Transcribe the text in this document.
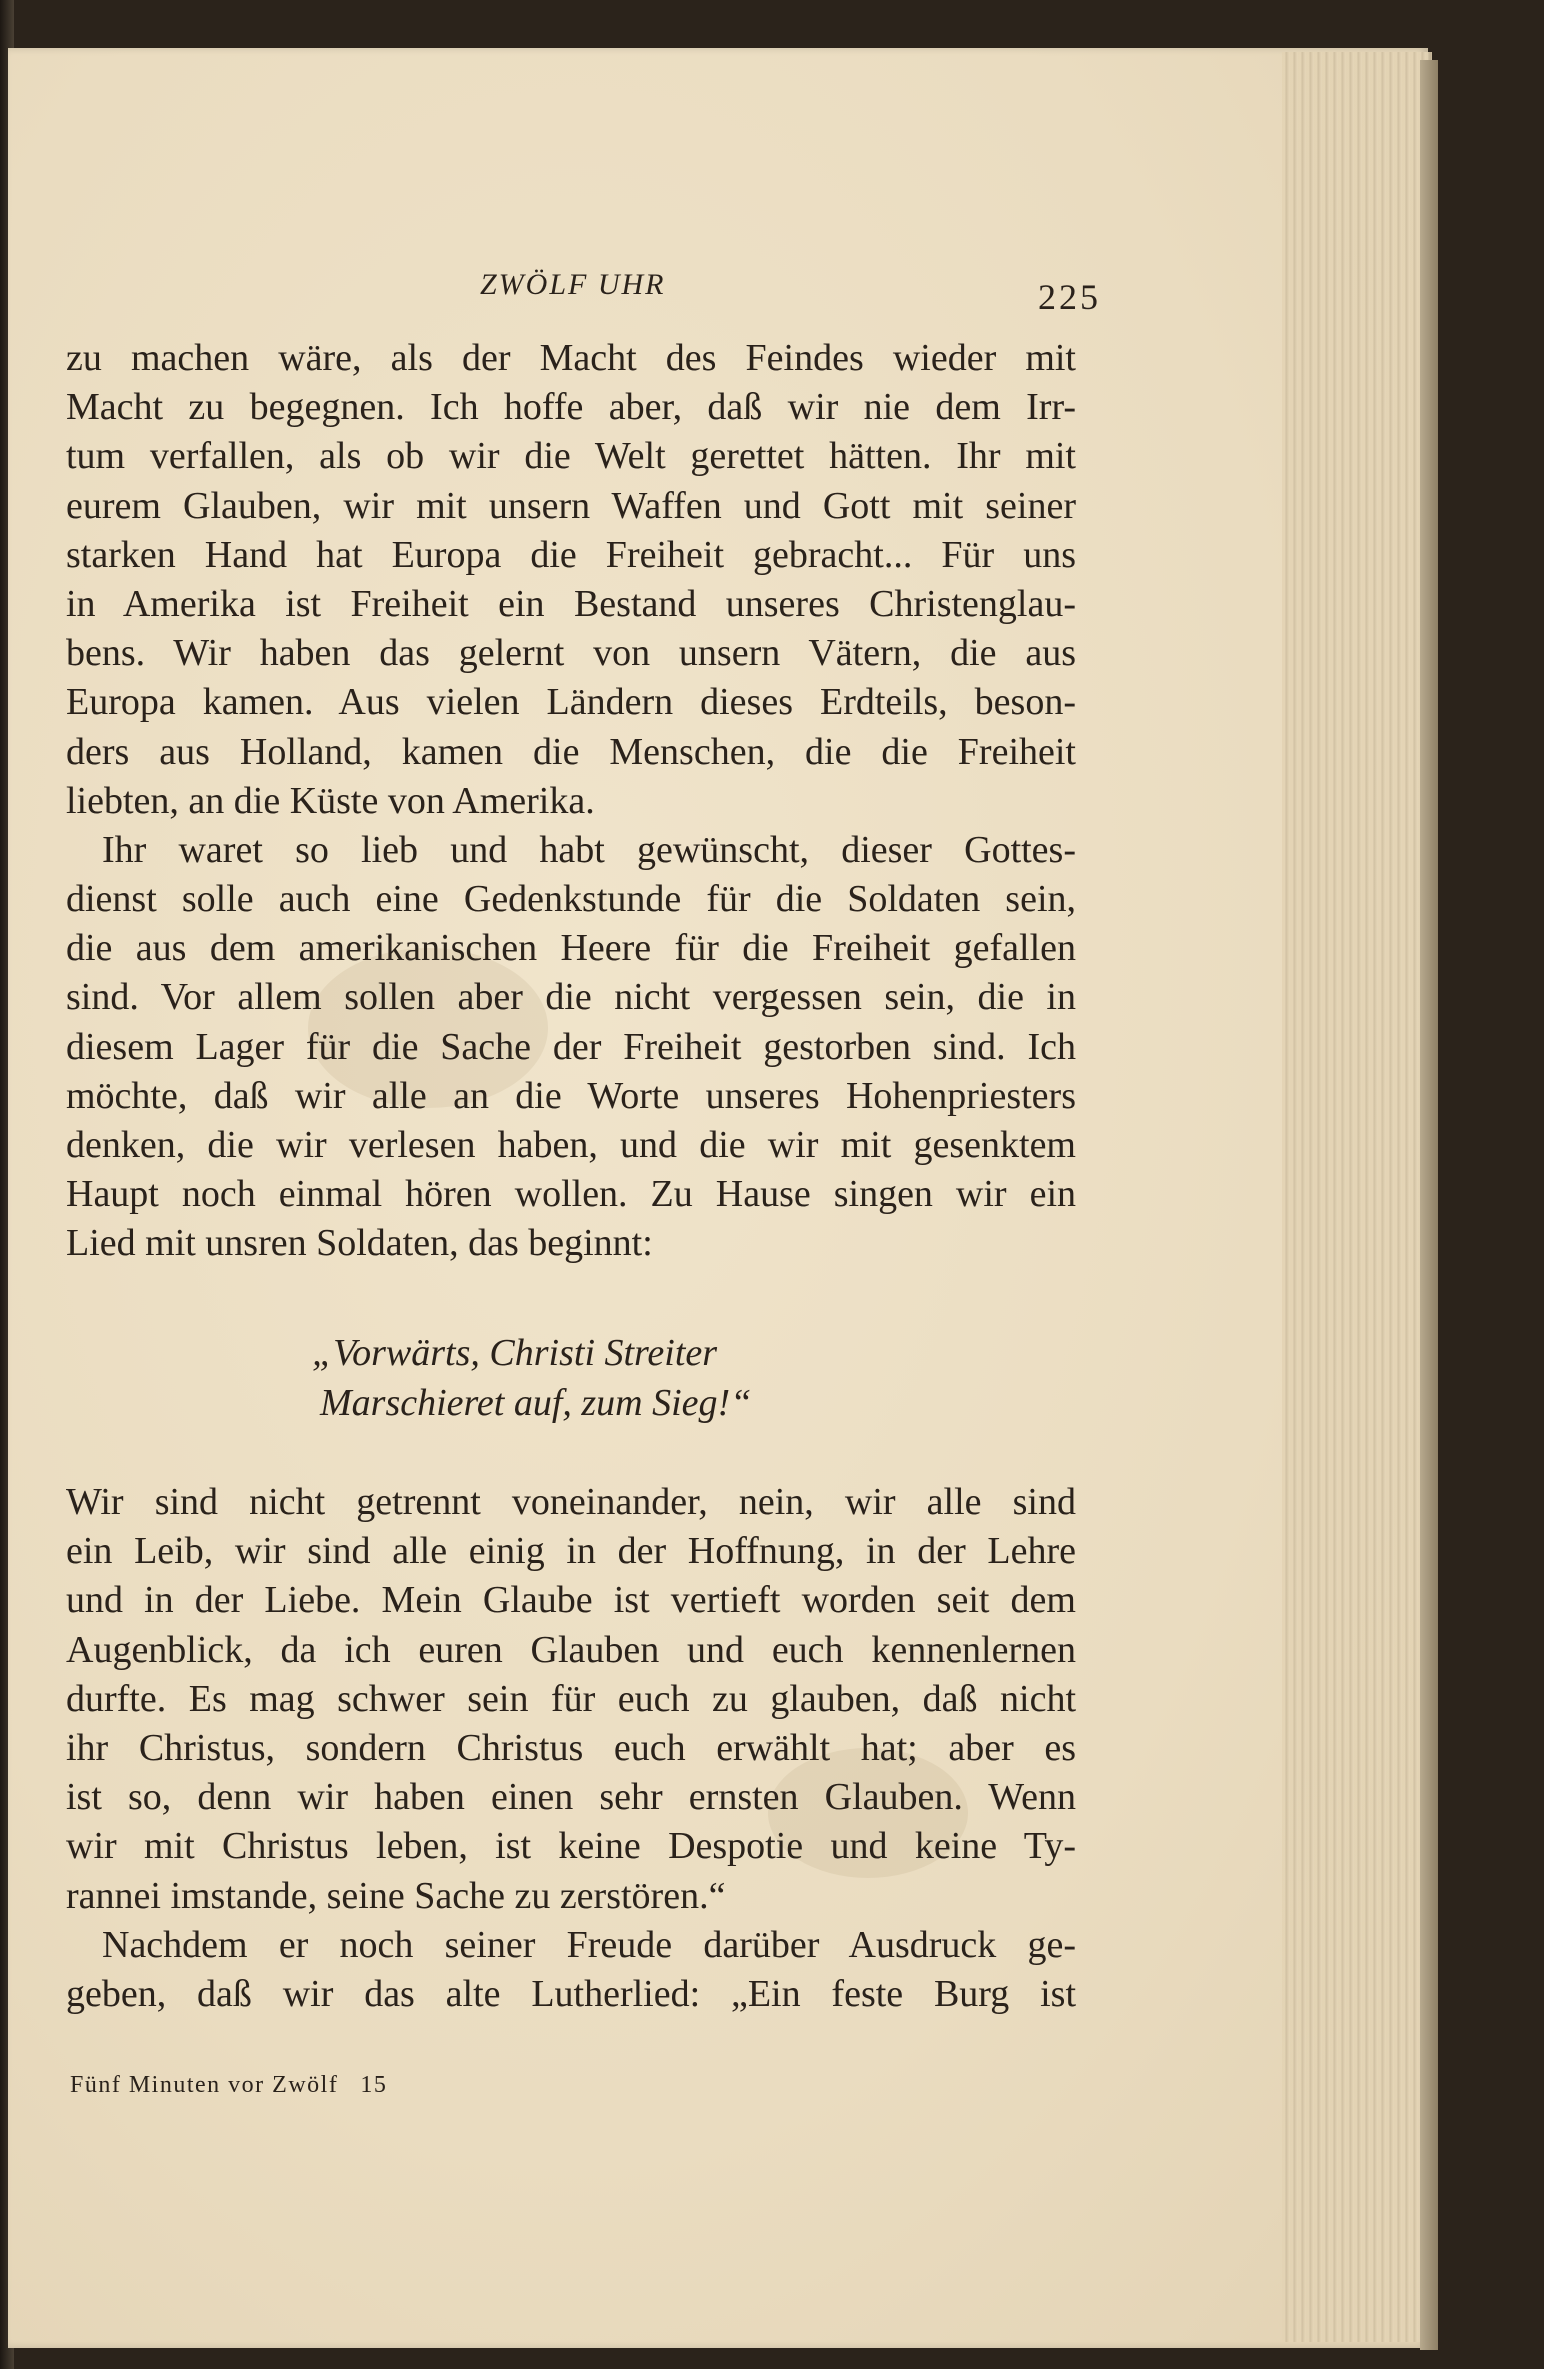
ZWÖLF UHR	225
zu machen wäre, als der Macht des Feindes wieder mit
Macht zu begegnen. Ich hoffe aber, daß wir nie dem Irr-
tum verfallen, als ob wir die Welt gerettet hätten. Ihr mit
eurem Glauben, wir mit unsern Waffen und Gott mit seiner
starken Hand hat Europa die Freiheit gebracht... Für uns
in Amerika ist Freiheit ein Bestand unseres Christenglau-
bens. Wir haben das gelernt von unsern Vätern, die aus
Europa kamen. Aus vielen Ländern dieses Erdteils, beson-
ders aus Holland, kamen die Menschen, die die Freiheit
liebten, an die Küste von Amerika.
Ihr waret so lieb und habt gewünscht, dieser Gottes-
dienst solle auch eine Gedenkstunde für die Soldaten sein,
die aus dem amerikanischen Heere für die Freiheit gefallen
sind. Vor allem sollen aber die nicht vergessen sein, die in
diesem Lager für die Sache der Freiheit gestorben sind. Ich
möchte, daß wir alle an die Worte unseres Hohenpriesters
denken, die wir verlesen haben, und die wir mit gesenktem
Haupt noch einmal hören wollen. Zu Hause singen wir ein
Lied mit unsren Soldaten, das beginnt:
„Vorwärts, Christi Streiter
Marschieret auf, zum Sieg!“
Wir sind nicht getrennt voneinander, nein, wir alle sind
ein Leib, wir sind alle einig in der Hoffnung, in der Lehre
und in der Liebe. Mein Glaube ist vertieft worden seit dem
Augenblick, da ich euren Glauben und euch kennenlernen
durfte. Es mag schwer sein für euch zu glauben, daß nicht
ihr Christus, sondern Christus euch erwählt hat; aber es
ist so, denn wir haben einen sehr ernsten Glauben. Wenn
wir mit Christus leben, ist keine Despotie und keine Ty-
rannei imstande, seine Sache zu zerstören.“
Nachdem er noch seiner Freude darüber Ausdruck ge-
geben, daß wir das alte Lutherlied: „Ein feste Burg ist
Fünf Minuten vor Zwölf 15
